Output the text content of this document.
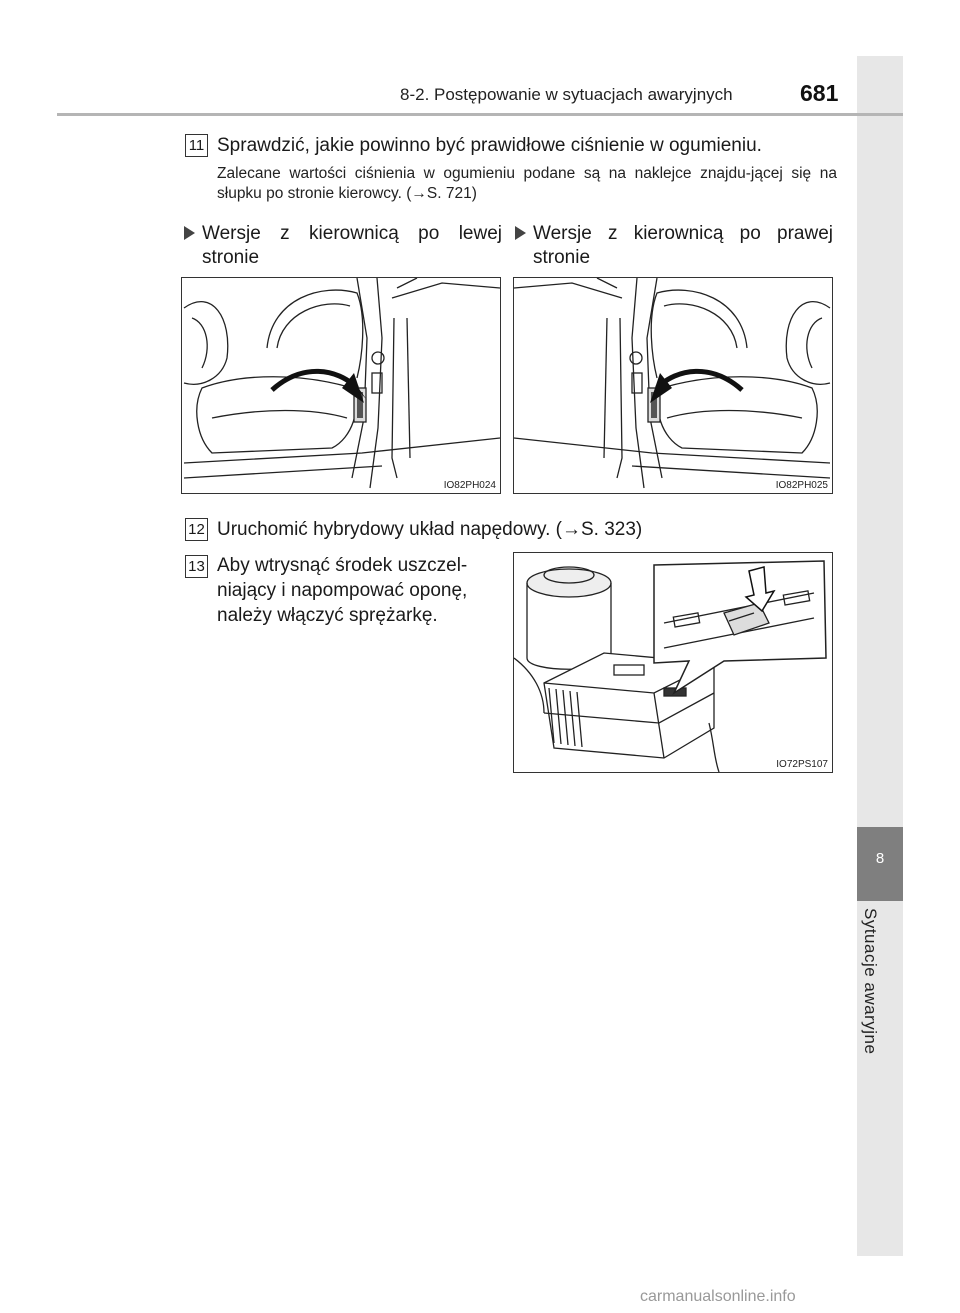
8
Sytuacje awaryjne
8-2. Postępowanie w sytuacjach awaryjnych	681
11 Sprawdzić, jakie powinno być prawidłowe ciśnienie w ogumieniu.
Zalecane wartości ciśnienia w ogumieniu podane są na naklejce znajdu-jącej się na słupku po stronie kierowcy. (→S. 721)
Wersje z kierownicą po lewej
stronie
Wersje z kierownicą po prawej
stronie
IO82PH024	IO82PH025
12 Uruchomić hybrydowy układ napędowy. (→S. 323)
13 Aby wtrysnąć środek uszczel-
niający i napompować oponę,
należy włączyć sprężarkę.
IO72PS107
carmanualsonline.info
